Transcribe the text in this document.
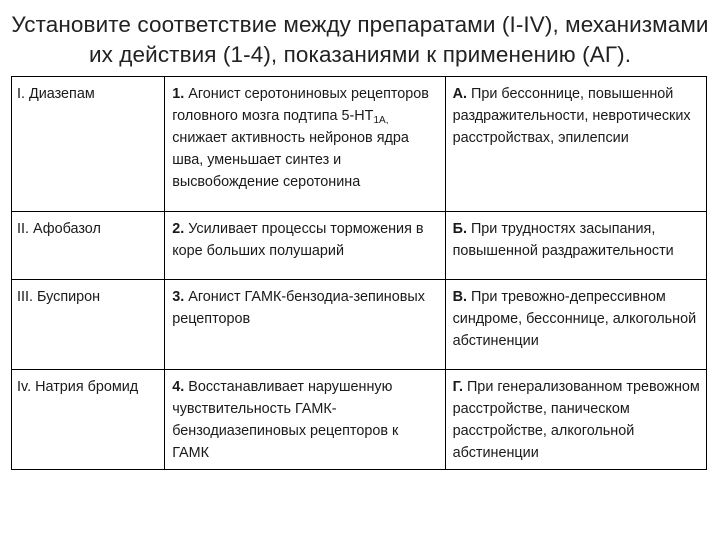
Установите соответствие между препаратами (I-IV), механизмами
их действия (1-4), показаниями к применению (АГ).
I. Диазепам	1. Агонист серотониновых рецепторов головного мозга подтипа $5-НТ_{1А,}$ снижает активность нейронов ядра шва, уменьшает синтез и высвобождение серотонина	А. При бессоннице, повышенной раздражительности, невротических расстройствах, эпилепсии
II. Афобазол	2. Усиливает процессы торможения в коре больших полушарий	Б. При трудностях засыпания, повышенной раздражительности
III. Буспирон	3. Агонист ГАМК-бензодиа-зепиновых рецепторов	В. При тревожно-депрессивном синдроме, бессоннице, алкогольной абстиненции
Iv. Натрия бромид	4. Восстанавливает нарушенную чувствительность ГАМК-бензодиазепиновых рецепторов к ГАМК	Г. При генерализованном тревожном расстройстве, паническом расстройстве, алкогольной абстиненции
